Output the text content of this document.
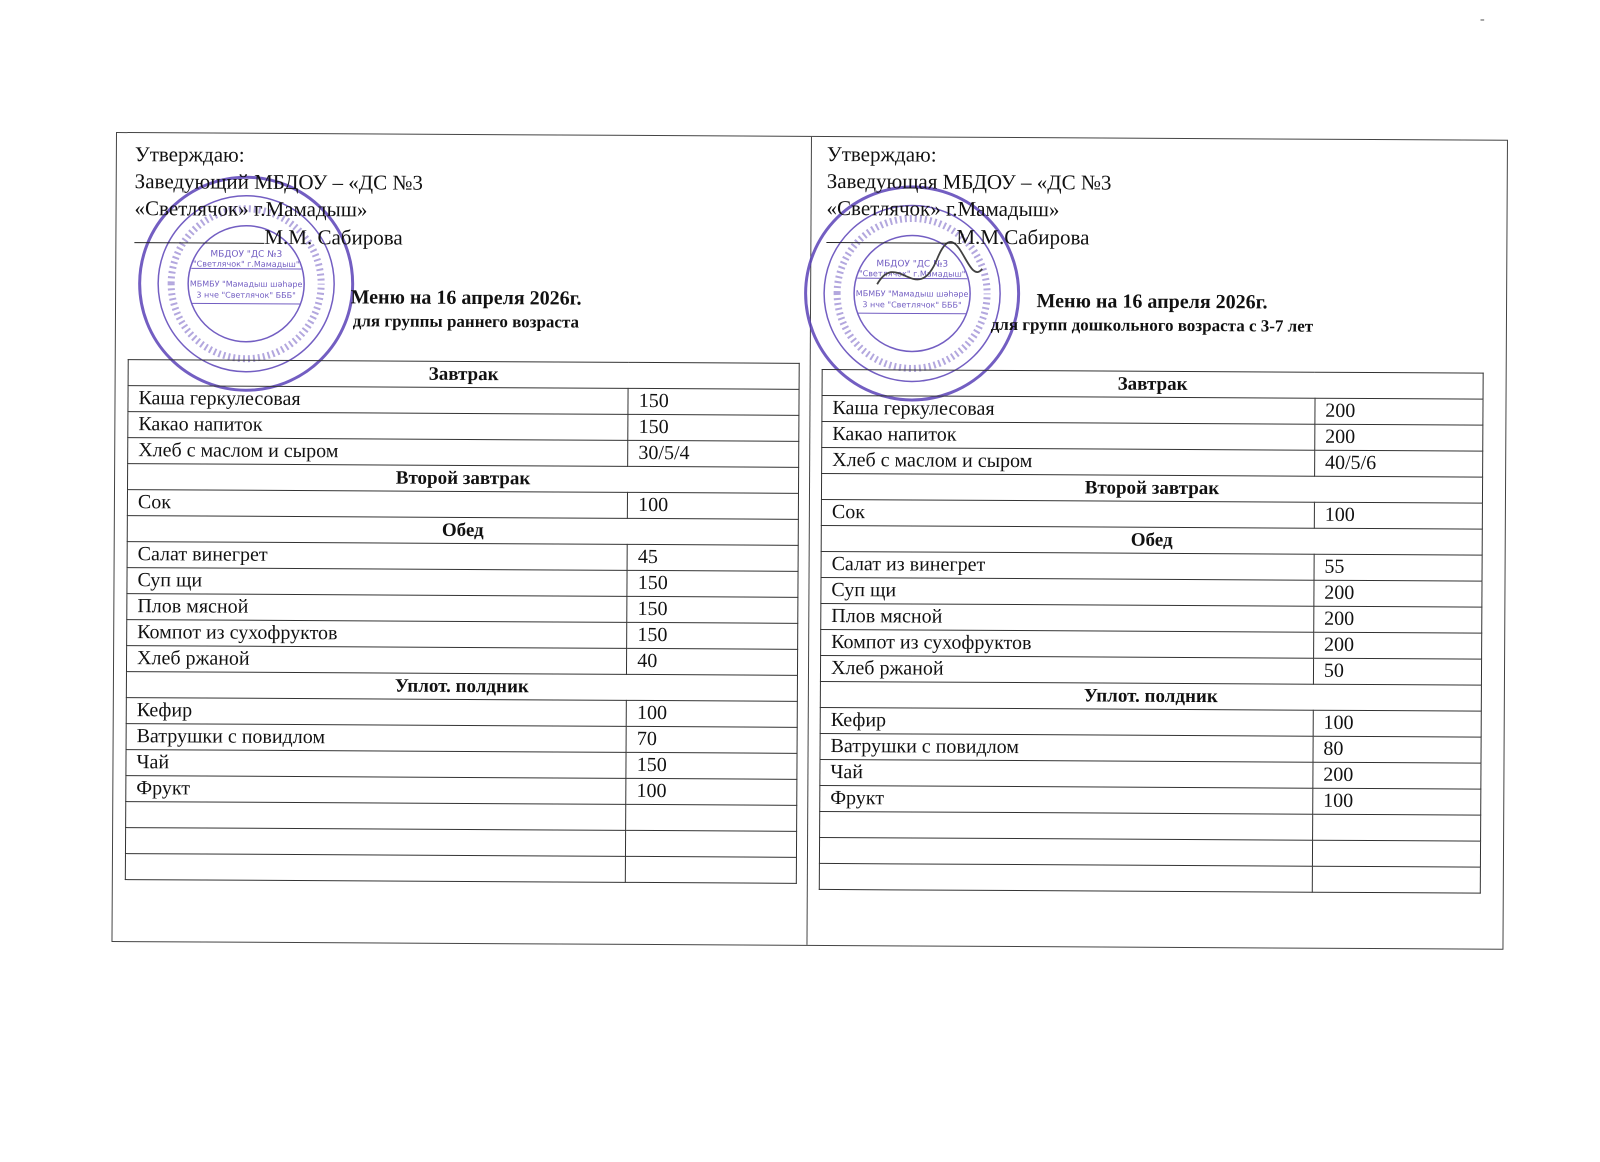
-
МБДОУ "ДС №3
"Светлячок" г.Мамадыш"
МБМБУ "Мамадыш шәһәре
3 нче "Светлячок" БББ"
Утверждаю:
Заведующий МБДОУ – «ДС №3
«Светлячок» г.Мамадыш»
М.М. Сабирова
Меню на 16 апреля 2026г.
для группы раннего возраста
Завтрак	
Каша геркулесовая	150
Какао напиток	150
Хлеб с маслом и сыром	30/5/4
Второй завтрак	
Сок	100
Обед	
Салат винегрет	45
Суп щи	150
Плов мясной	150
Компот из сухофруктов	150
Хлеб ржаной	40
Уплот. полдник	
Кефир	100
Ватрушки с повидлом	70
Чай	150
Фрукт	100

МБДОУ "ДС №3
"Светлячок" г.Мамадыш"
МБМБУ "Мамадыш шәһәре
3 нче "Светлячок" БББ"
Утверждаю:
Заведующая МБДОУ – «ДС №3
«Светлячок» г.Мамадыш»
М.М.Сабирова
Меню на 16 апреля 2026г.
для групп дошкольного возраста с 3-7 лет
Завтрак	
Каша геркулесовая	200
Какао напиток	200
Хлеб с маслом и сыром	40/5/6
Второй завтрак	
Сок	100
Обед	
Салат из винегрет	55
Суп щи	200
Плов мясной	200
Компот из сухофруктов	200
Хлеб ржаной	50
Уплот. полдник	
Кефир	100
Ватрушки с повидлом	80
Чай	200
Фрукт	100
